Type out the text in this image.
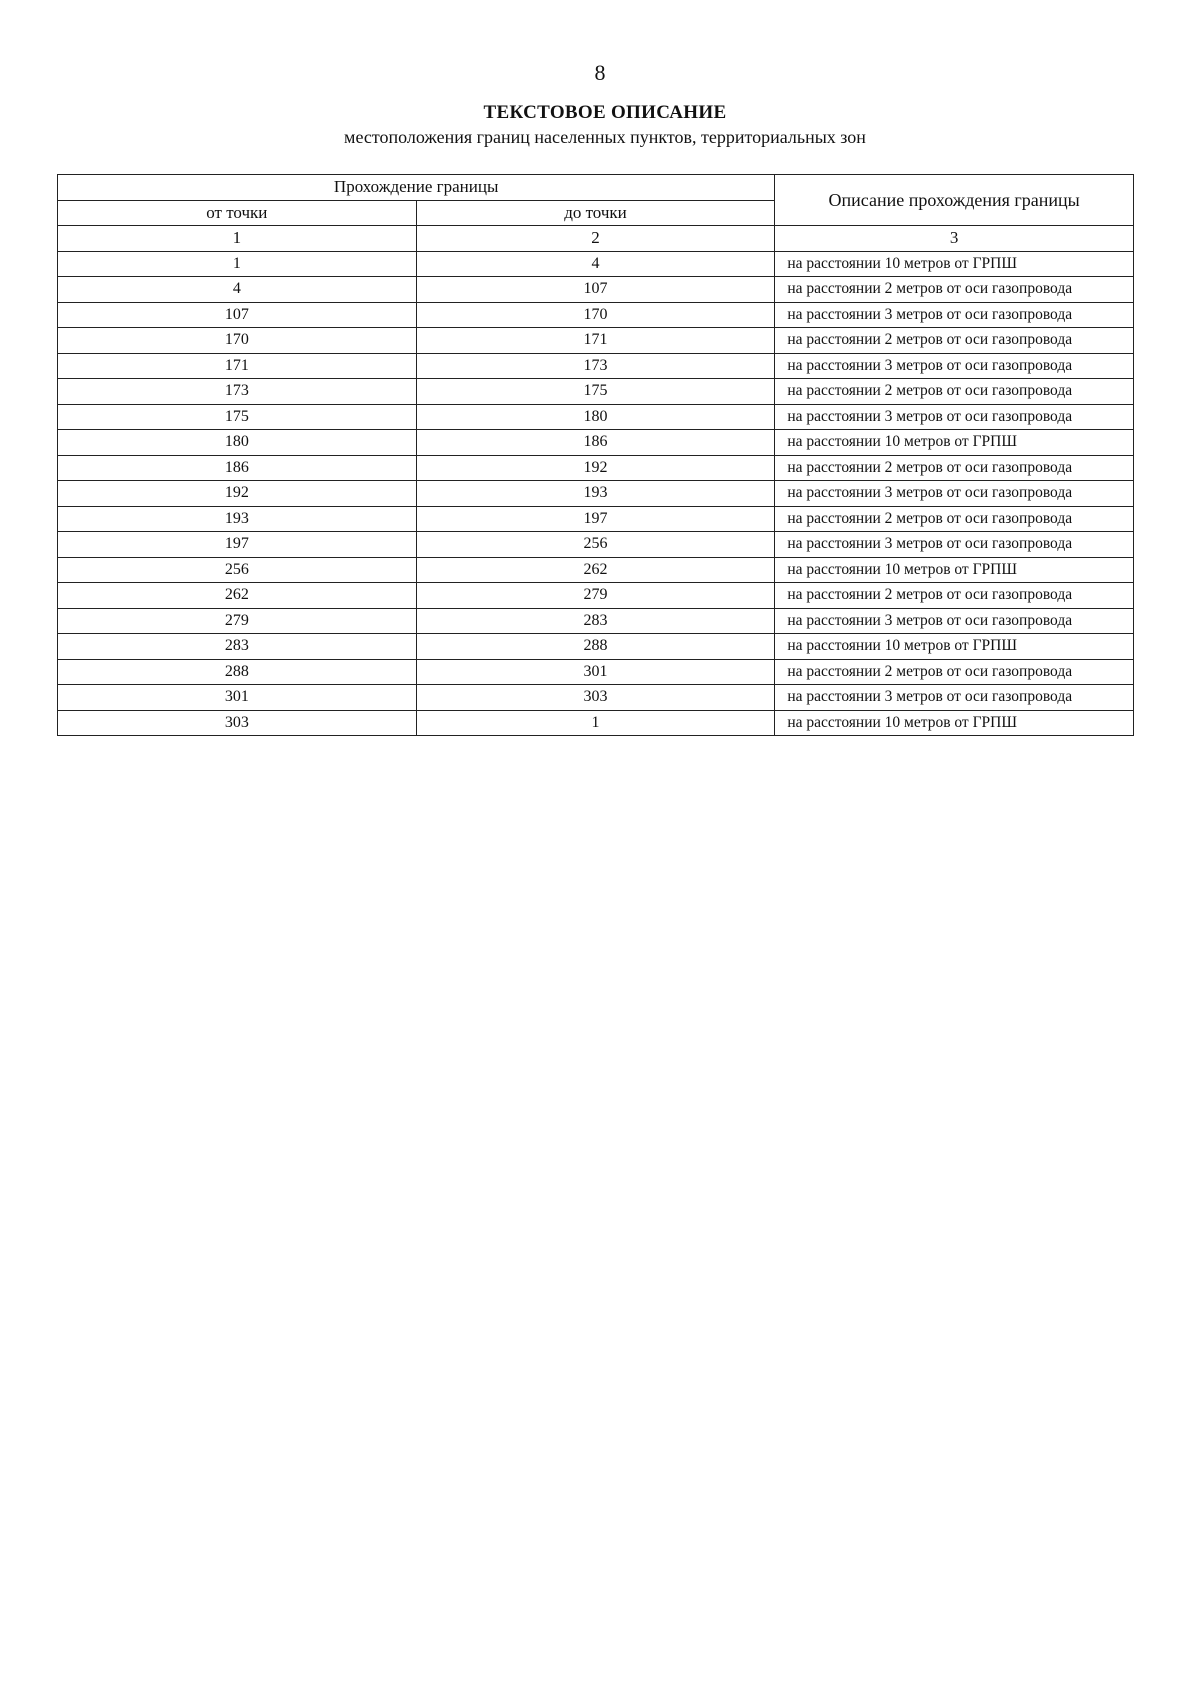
8
ТЕКСТОВОЕ ОПИСАНИЕ
местоположения границ населенных пунктов, территориальных зон
Прохождение границы		Описание прохождения границы
от точки	до точки	
1	2	3
1	4	на расстоянии 10 метров от ГРПШ
4	107	на расстоянии 2 метров от оси газопровода
107	170	на расстоянии 3 метров от оси газопровода
170	171	на расстоянии 2 метров от оси газопровода
171	173	на расстоянии 3 метров от оси газопровода
173	175	на расстоянии 2 метров от оси газопровода
175	180	на расстоянии 3 метров от оси газопровода
180	186	на расстоянии 10 метров от ГРПШ
186	192	на расстоянии 2 метров от оси газопровода
192	193	на расстоянии 3 метров от оси газопровода
193	197	на расстоянии 2 метров от оси газопровода
197	256	на расстоянии 3 метров от оси газопровода
256	262	на расстоянии 10 метров от ГРПШ
262	279	на расстоянии 2 метров от оси газопровода
279	283	на расстоянии 3 метров от оси газопровода
283	288	на расстоянии 10 метров от ГРПШ
288	301	на расстоянии 2 метров от оси газопровода
301	303	на расстоянии 3 метров от оси газопровода
303	1	на расстоянии 10 метров от ГРПШ
